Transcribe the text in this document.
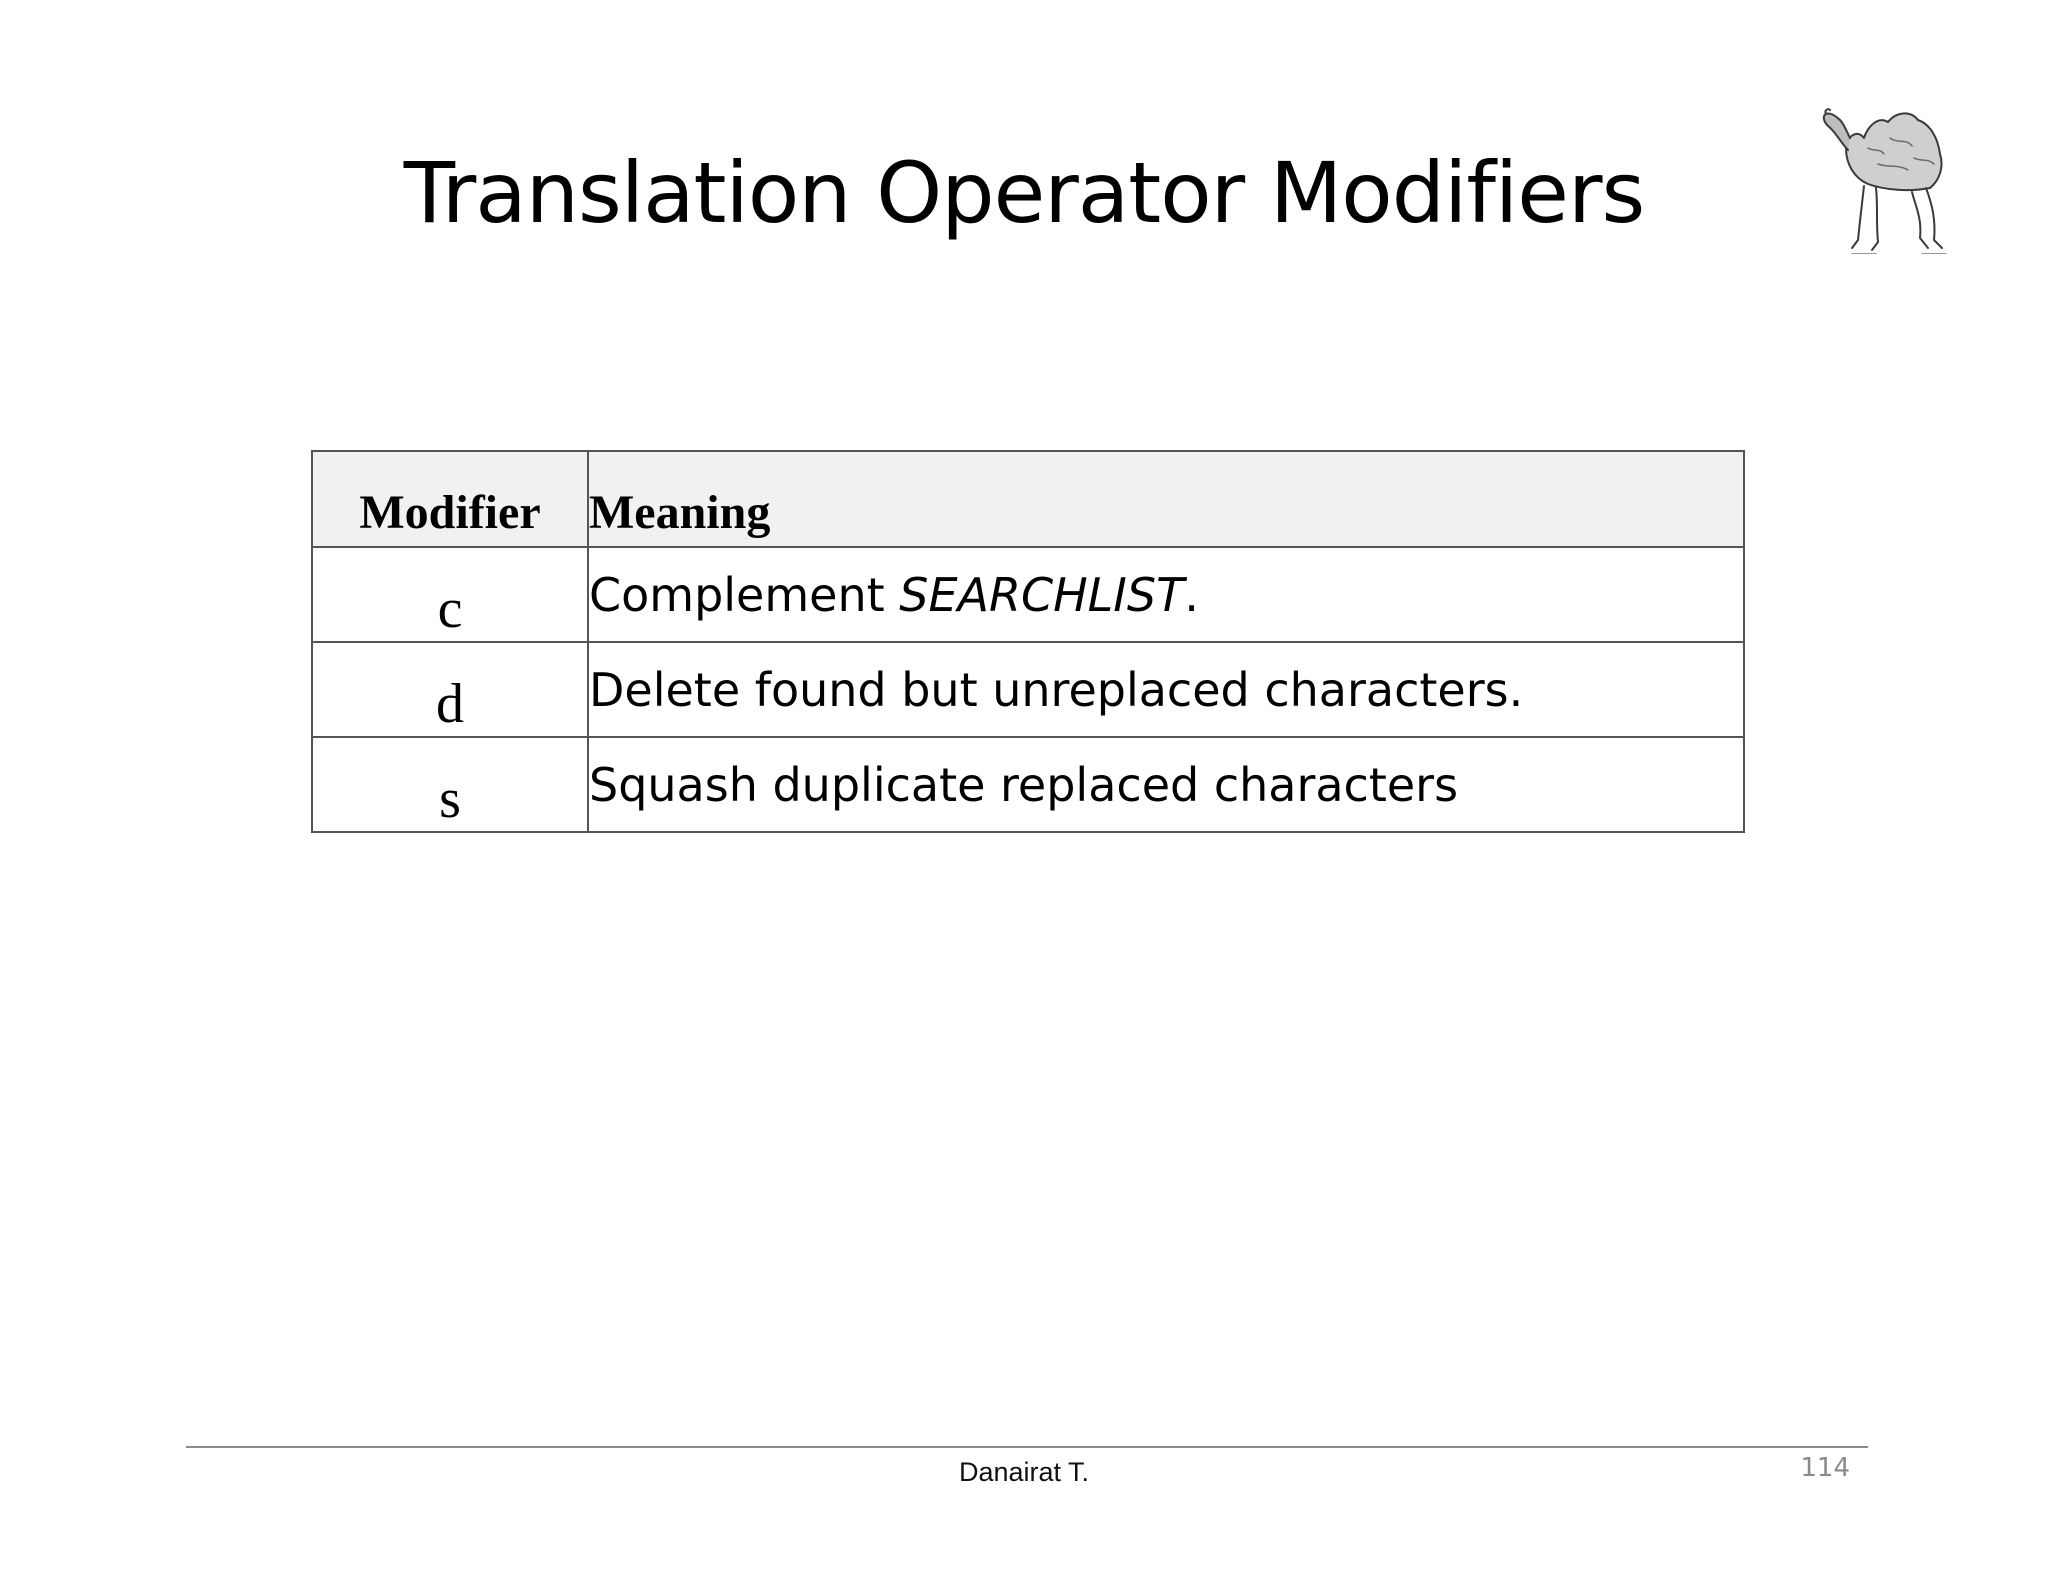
Translation Operator Modifiers
Modifier	Meaning
c	Complement SEARCHLIST.
d	Delete found but unreplaced characters.
s	Squash duplicate replaced characters
Danairat T.	114
